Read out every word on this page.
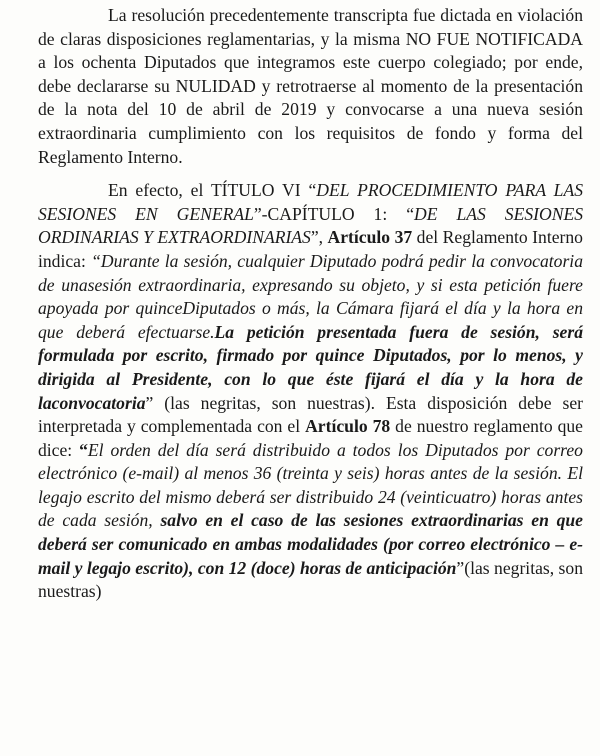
La resolución precedentemente transcripta fue dictada en violación de claras disposiciones reglamentarias, y la misma NO FUE NOTIFICADA a los ochenta Diputados que integramos este cuerpo colegiado; por ende, debe declararse su NULIDAD y retrotraerse al momento de la presentación de la nota del 10 de abril de 2019 y convocarse a una nueva sesión extraordinaria cumplimiento con los requisitos de fondo y forma del Reglamento Interno.

En efecto, el TÍTULO VI “DEL PROCEDIMIENTO PARA LAS SESIONES EN GENERAL”-CAPÍTULO 1: “DE LAS SESIONES ORDINARIAS Y EXTRAORDINARIAS”, Artículo 37 del Reglamento Interno indica: “Durante la sesión, cualquier Diputado podrá pedir la convocatoria de unasesión extraordinaria, expresando su objeto, y si esta petición fuere apoyada por quinceDiputados o más, la Cámara fijará el día y la hora en que deberá efectuarse.La petición presentada fuera de sesión, será formulada por escrito, firmado por quince Diputados, por lo menos, y dirigida al Presidente, con lo que éste fijará el día y la hora de laconvocatoria” (las negritas, son nuestras). Esta disposición debe ser interpretada y complementada con el Artículo 78 de nuestro reglamento que dice: “El orden del día será distribuido a todos los Diputados por correo electrónico (e-mail) al menos 36 (treinta y seis) horas antes de la sesión. El legajo escrito del mismo deberá ser distribuido 24 (veinticuatro) horas antes de cada sesión, salvo en el caso de las sesiones extraordinarias en que deberá ser comunicado en ambas modalidades (por correo electrónico – e-mail y legajo escrito), con 12 (doce) horas de anticipación”(las negritas, son nuestras)
